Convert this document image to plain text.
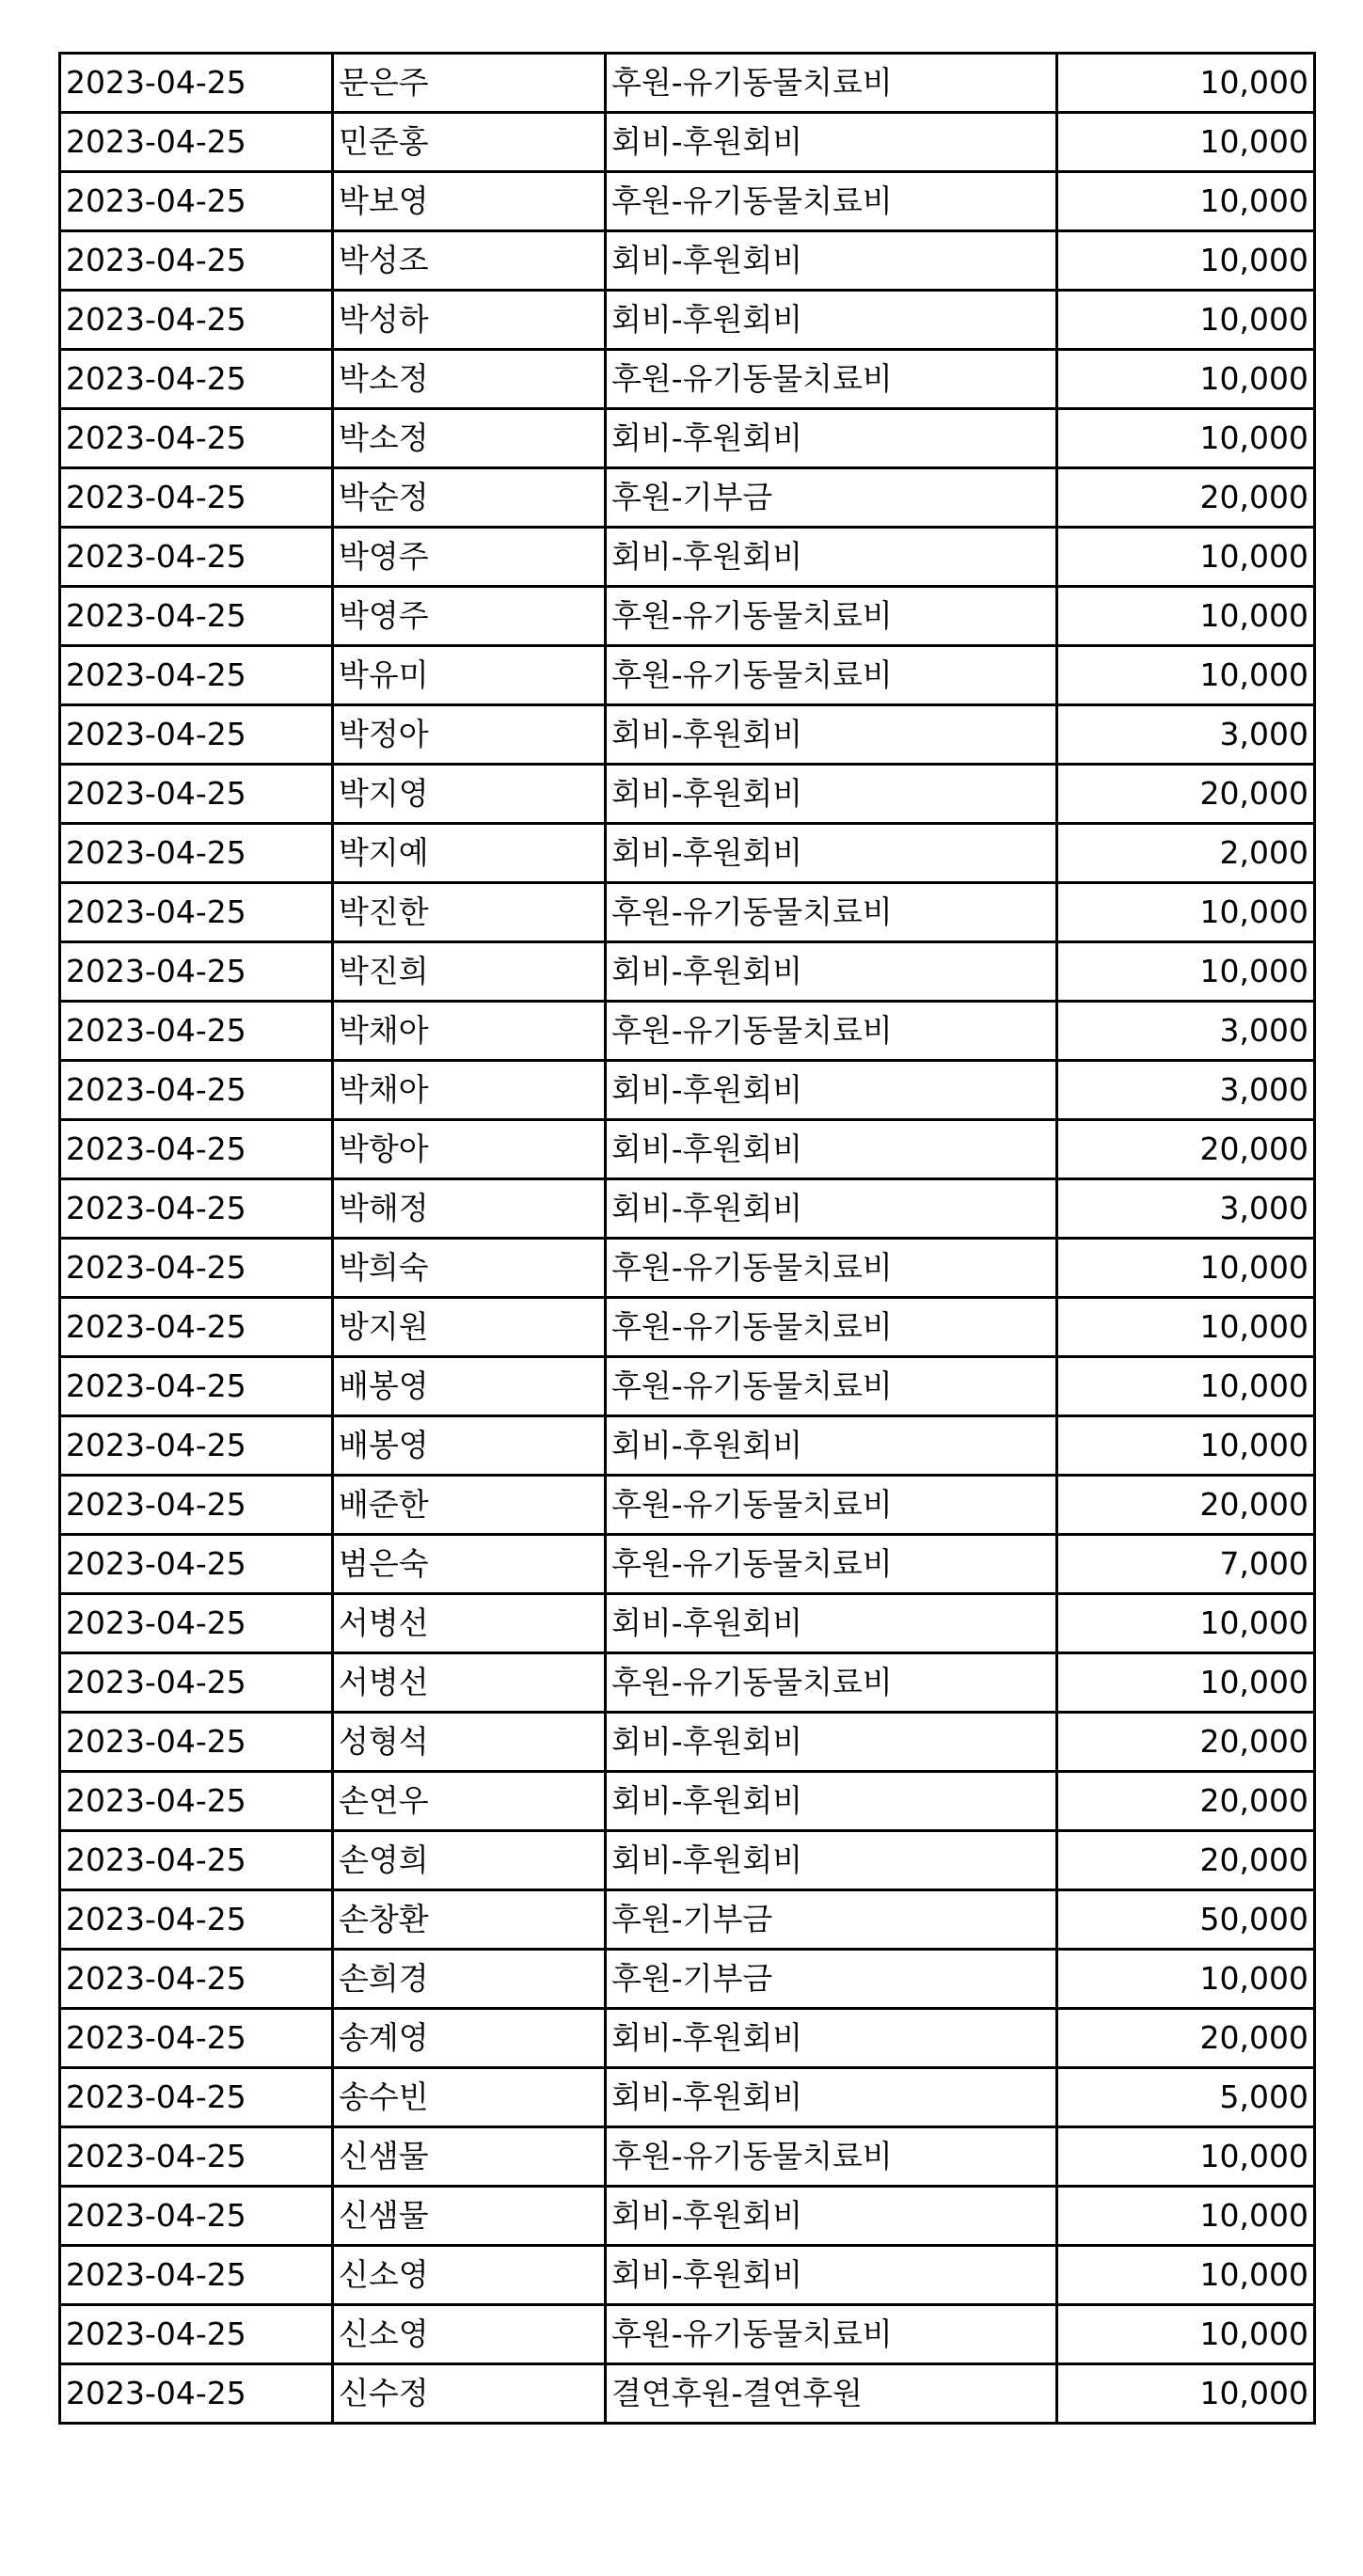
2023-04-25	문은주	후원-유기동물치료비	10,000
2023-04-25	민준홍	회비-후원회비	10,000
2023-04-25	박보영	후원-유기동물치료비	10,000
2023-04-25	박성조	회비-후원회비	10,000
2023-04-25	박성하	회비-후원회비	10,000
2023-04-25	박소정	후원-유기동물치료비	10,000
2023-04-25	박소정	회비-후원회비	10,000
2023-04-25	박순정	후원-기부금	20,000
2023-04-25	박영주	회비-후원회비	10,000
2023-04-25	박영주	후원-유기동물치료비	10,000
2023-04-25	박유미	후원-유기동물치료비	10,000
2023-04-25	박정아	회비-후원회비	3,000
2023-04-25	박지영	회비-후원회비	20,000
2023-04-25	박지예	회비-후원회비	2,000
2023-04-25	박진한	후원-유기동물치료비	10,000
2023-04-25	박진희	회비-후원회비	10,000
2023-04-25	박채아	후원-유기동물치료비	3,000
2023-04-25	박채아	회비-후원회비	3,000
2023-04-25	박항아	회비-후원회비	20,000
2023-04-25	박해정	회비-후원회비	3,000
2023-04-25	박희숙	후원-유기동물치료비	10,000
2023-04-25	방지원	후원-유기동물치료비	10,000
2023-04-25	배봉영	후원-유기동물치료비	10,000
2023-04-25	배봉영	회비-후원회비	10,000
2023-04-25	배준한	후원-유기동물치료비	20,000
2023-04-25	범은숙	후원-유기동물치료비	7,000
2023-04-25	서병선	회비-후원회비	10,000
2023-04-25	서병선	후원-유기동물치료비	10,000
2023-04-25	성형석	회비-후원회비	20,000
2023-04-25	손연우	회비-후원회비	20,000
2023-04-25	손영희	회비-후원회비	20,000
2023-04-25	손창환	후원-기부금	50,000
2023-04-25	손희경	후원-기부금	10,000
2023-04-25	송계영	회비-후원회비	20,000
2023-04-25	송수빈	회비-후원회비	5,000
2023-04-25	신샘물	후원-유기동물치료비	10,000
2023-04-25	신샘물	회비-후원회비	10,000
2023-04-25	신소영	회비-후원회비	10,000
2023-04-25	신소영	후원-유기동물치료비	10,000
2023-04-25	신수정	결연후원-결연후원	10,000
